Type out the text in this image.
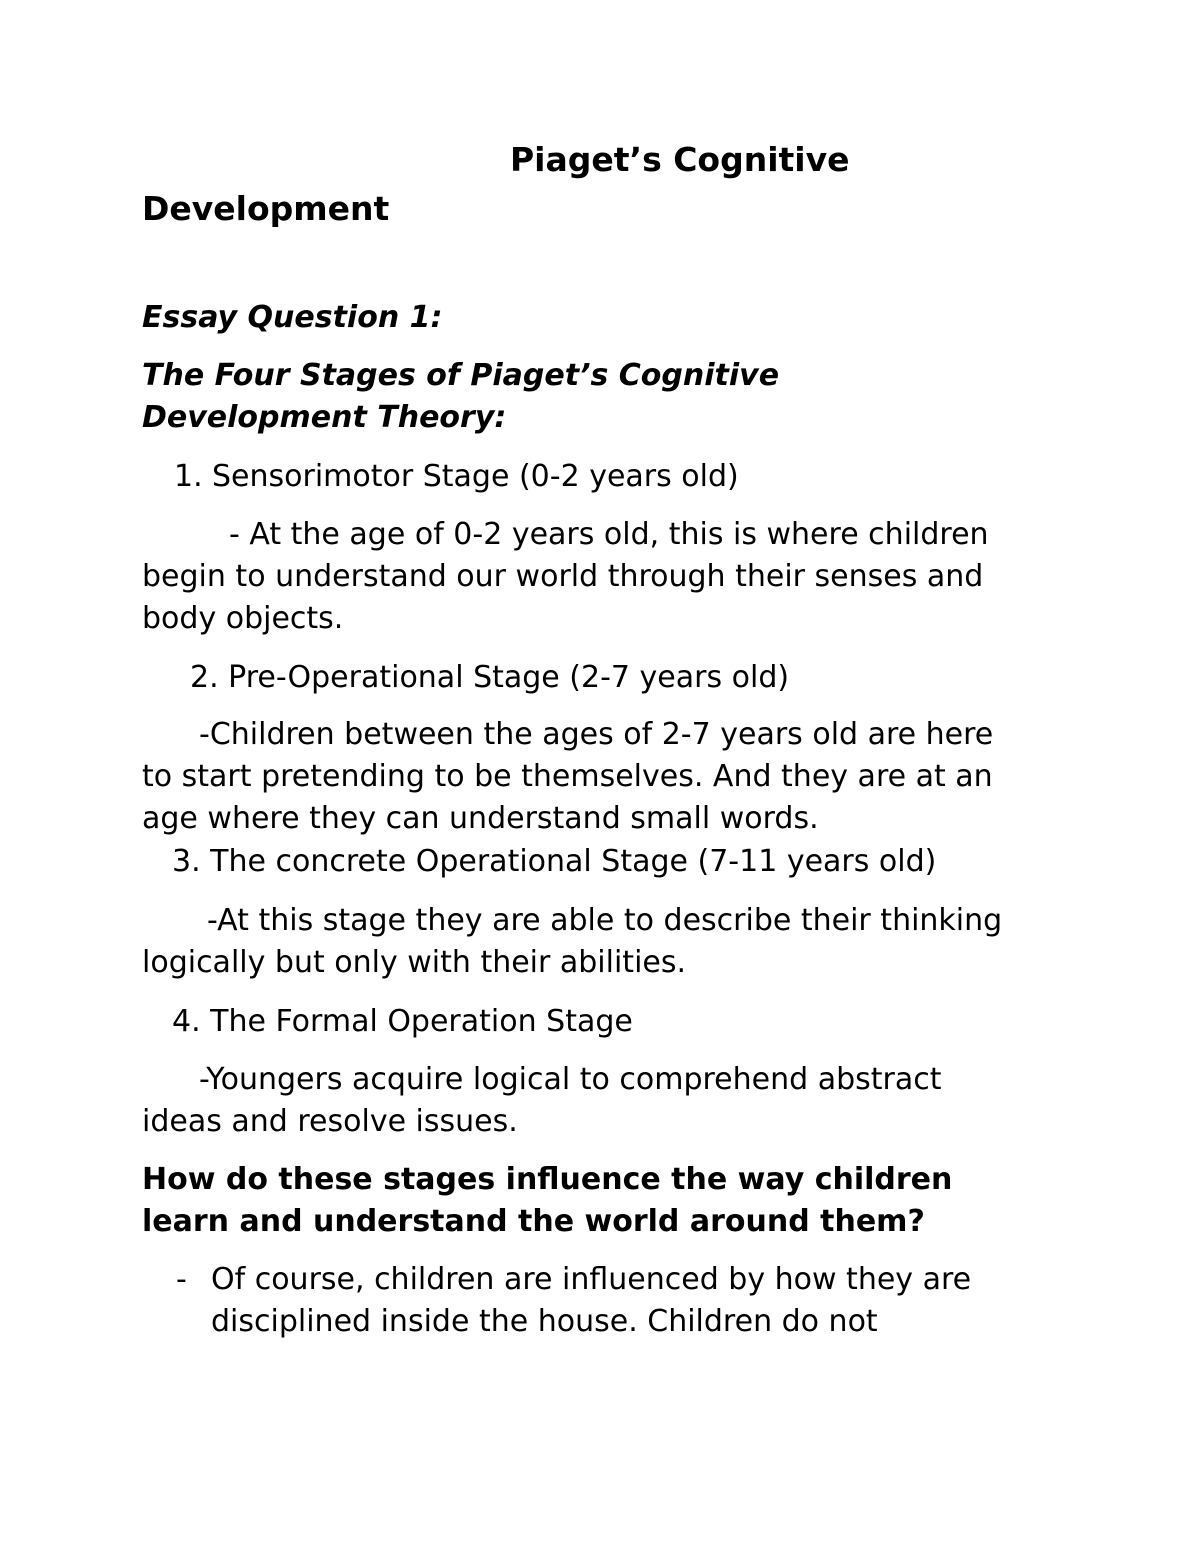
Piaget’s Cognitive
Development
Essay Question 1:
The Four Stages of Piaget’s Cognitive
Development Theory:
1. Sensorimotor Stage (0-2 years old)
- At the age of 0-2 years old, this is where children
begin to understand our world through their senses and
body objects.
2. Pre-Operational Stage (2-7 years old)
-Children between the ages of 2-7 years old are here
to start pretending to be themselves. And they are at an
age where they can understand small words.
3. The concrete Operational Stage (7-11 years old)
-At this stage they are able to describe their thinking
logically but only with their abilities.
4. The Formal Operation Stage
-Youngers acquire logical to comprehend abstract
ideas and resolve issues.
How do these stages influence the way children
learn and understand the world around them?
- Of course, children are influenced by how they are
disciplined inside the house. Children do not
